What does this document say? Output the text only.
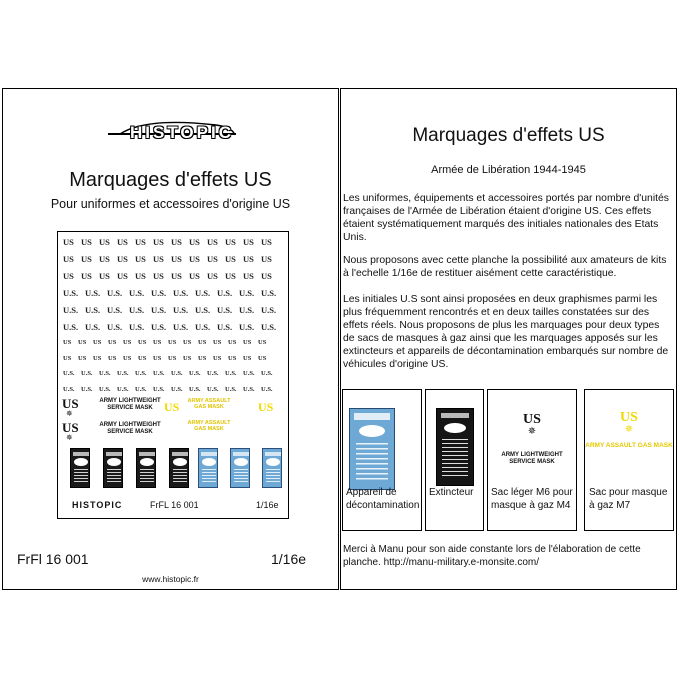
HISTOPIC
Marquages d'effets US
Pour uniformes et accessoires d'origine US
US US US US US US US US US US US US
US US US US US US US US US US US US
US US US US US US US US US US US US
U.S. U.S. U.S. U.S. U.S. U.S. U.S. U.S. U.S. U.S.
U.S. U.S. U.S. U.S. U.S. U.S. U.S. U.S. U.S. U.S.
U.S. U.S. U.S. U.S. U.S. U.S. U.S. U.S. U.S. U.S.
US	US	US	US	US	US	US	US	US	US	US	US	US	US
US	US	US	US	US	US	US	US	US	US	US	US	US	US
U.S. U.S. U.S. U.S. U.S. U.S. U.S. U.S. U.S. U.S. U.S. U.S.
U.S. U.S. U.S. U.S. U.S. U.S. U.S. U.S. U.S. U.S. U.S. U.S.
US
✵
ARMY LIGHTWEIGHT SERVICE MASK
US
✵
ARMY LIGHTWEIGHT SERVICE MASK
US	ARMY ASSAULT GAS MASK	US
ARMY ASSAULT GAS MASK
HISTOPIC	FrFL 16 001	1/16e
FrFl 16 001	1/16e
www.histopic.fr
Marquages d'effets US
Armée de Libération 1944-1945
Les uniformes, équipements et accessoires portés par nombre d'unités françaises de l'Armée de Libération étaient d'origine US. Ces effets étaient systématiquement marqués des initiales nationales des Etats Unis.
Nous proposons avec cette planche la possibilité aux amateurs de kits à l'echelle 1/16e de restituer aisément cette caractéristique.
Les initiales U.S sont ainsi proposées en deux graphismes parmi les plus fréquemment rencontrés et en deux tailles constatées sur des effets réels. Nous proposons de plus les marquages pour deux types de sacs de masques à gaz ainsi que les marquages apposés sur les extincteurs et appareils de décontamination embarqués sur nombre de véhicules d'origine US.
Appareil de décontamination
Extincteur
US
✵
ARMY LIGHTWEIGHT SERVICE MASK
Sac léger M6 pour masque à gaz M4
US
✵
ARMY ASSAULT GAS MASK
Sac pour masque à gaz M7
Merci à Manu pour son aide constante lors de l'élaboration de cette planche. http://manu-military.e-monsite.com/
